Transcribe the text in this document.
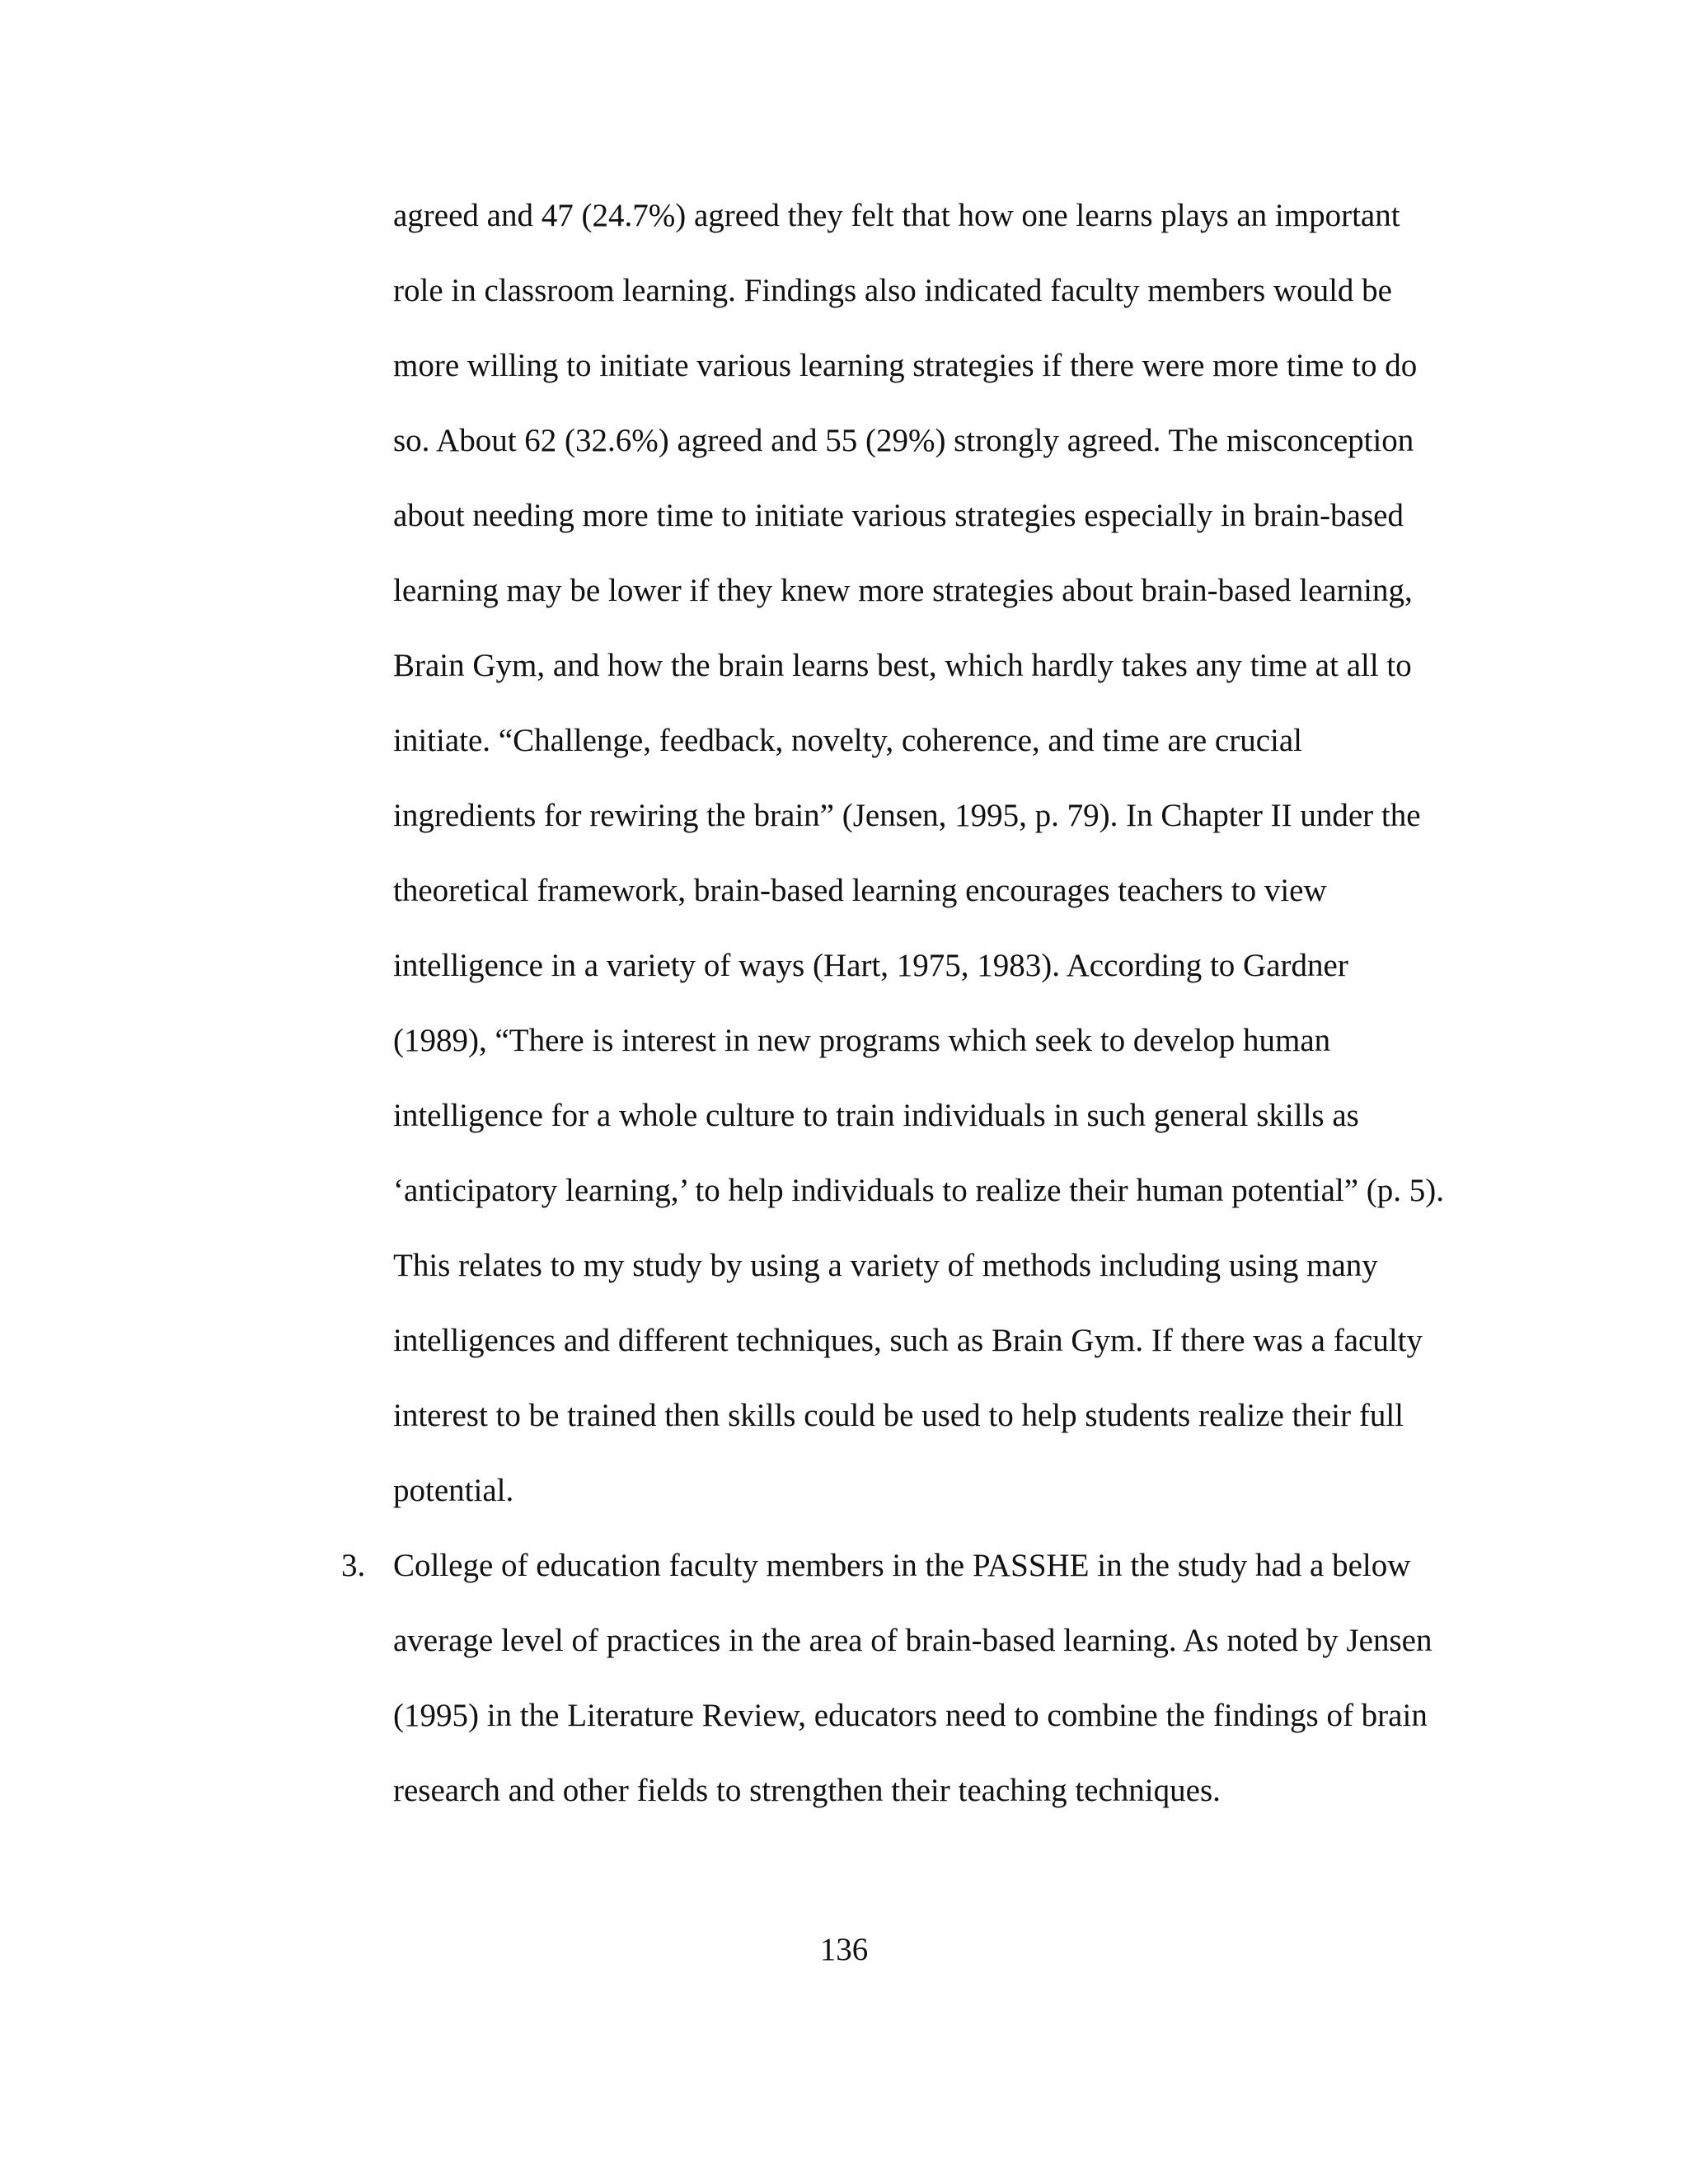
agreed and 47 (24.7%) agreed they felt that how one learns plays an important
role in classroom learning. Findings also indicated faculty members would be
more willing to initiate various learning strategies if there were more time to do
so. About 62 (32.6%) agreed and 55 (29%) strongly agreed. The misconception
about needing more time to initiate various strategies especially in brain-based
learning may be lower if they knew more strategies about brain-based learning,
Brain Gym, and how the brain learns best, which hardly takes any time at all to
initiate. “Challenge, feedback, novelty, coherence, and time are crucial
ingredients for rewiring the brain” (Jensen, 1995, p. 79). In Chapter II under the
theoretical framework, brain-based learning encourages teachers to view
intelligence in a variety of ways (Hart, 1975, 1983). According to Gardner
(1989), “There is interest in new programs which seek to develop human
intelligence for a whole culture to train individuals in such general skills as
‘anticipatory learning,’ to help individuals to realize their human potential” (p. 5).
This relates to my study by using a variety of methods including using many
intelligences and different techniques, such as Brain Gym. If there was a faculty
interest to be trained then skills could be used to help students realize their full
potential.
3. College of education faculty members in the PASSHE in the study had a below
average level of practices in the area of brain-based learning. As noted by Jensen
(1995) in the Literature Review, educators need to combine the findings of brain
research and other fields to strengthen their teaching techniques.
136
